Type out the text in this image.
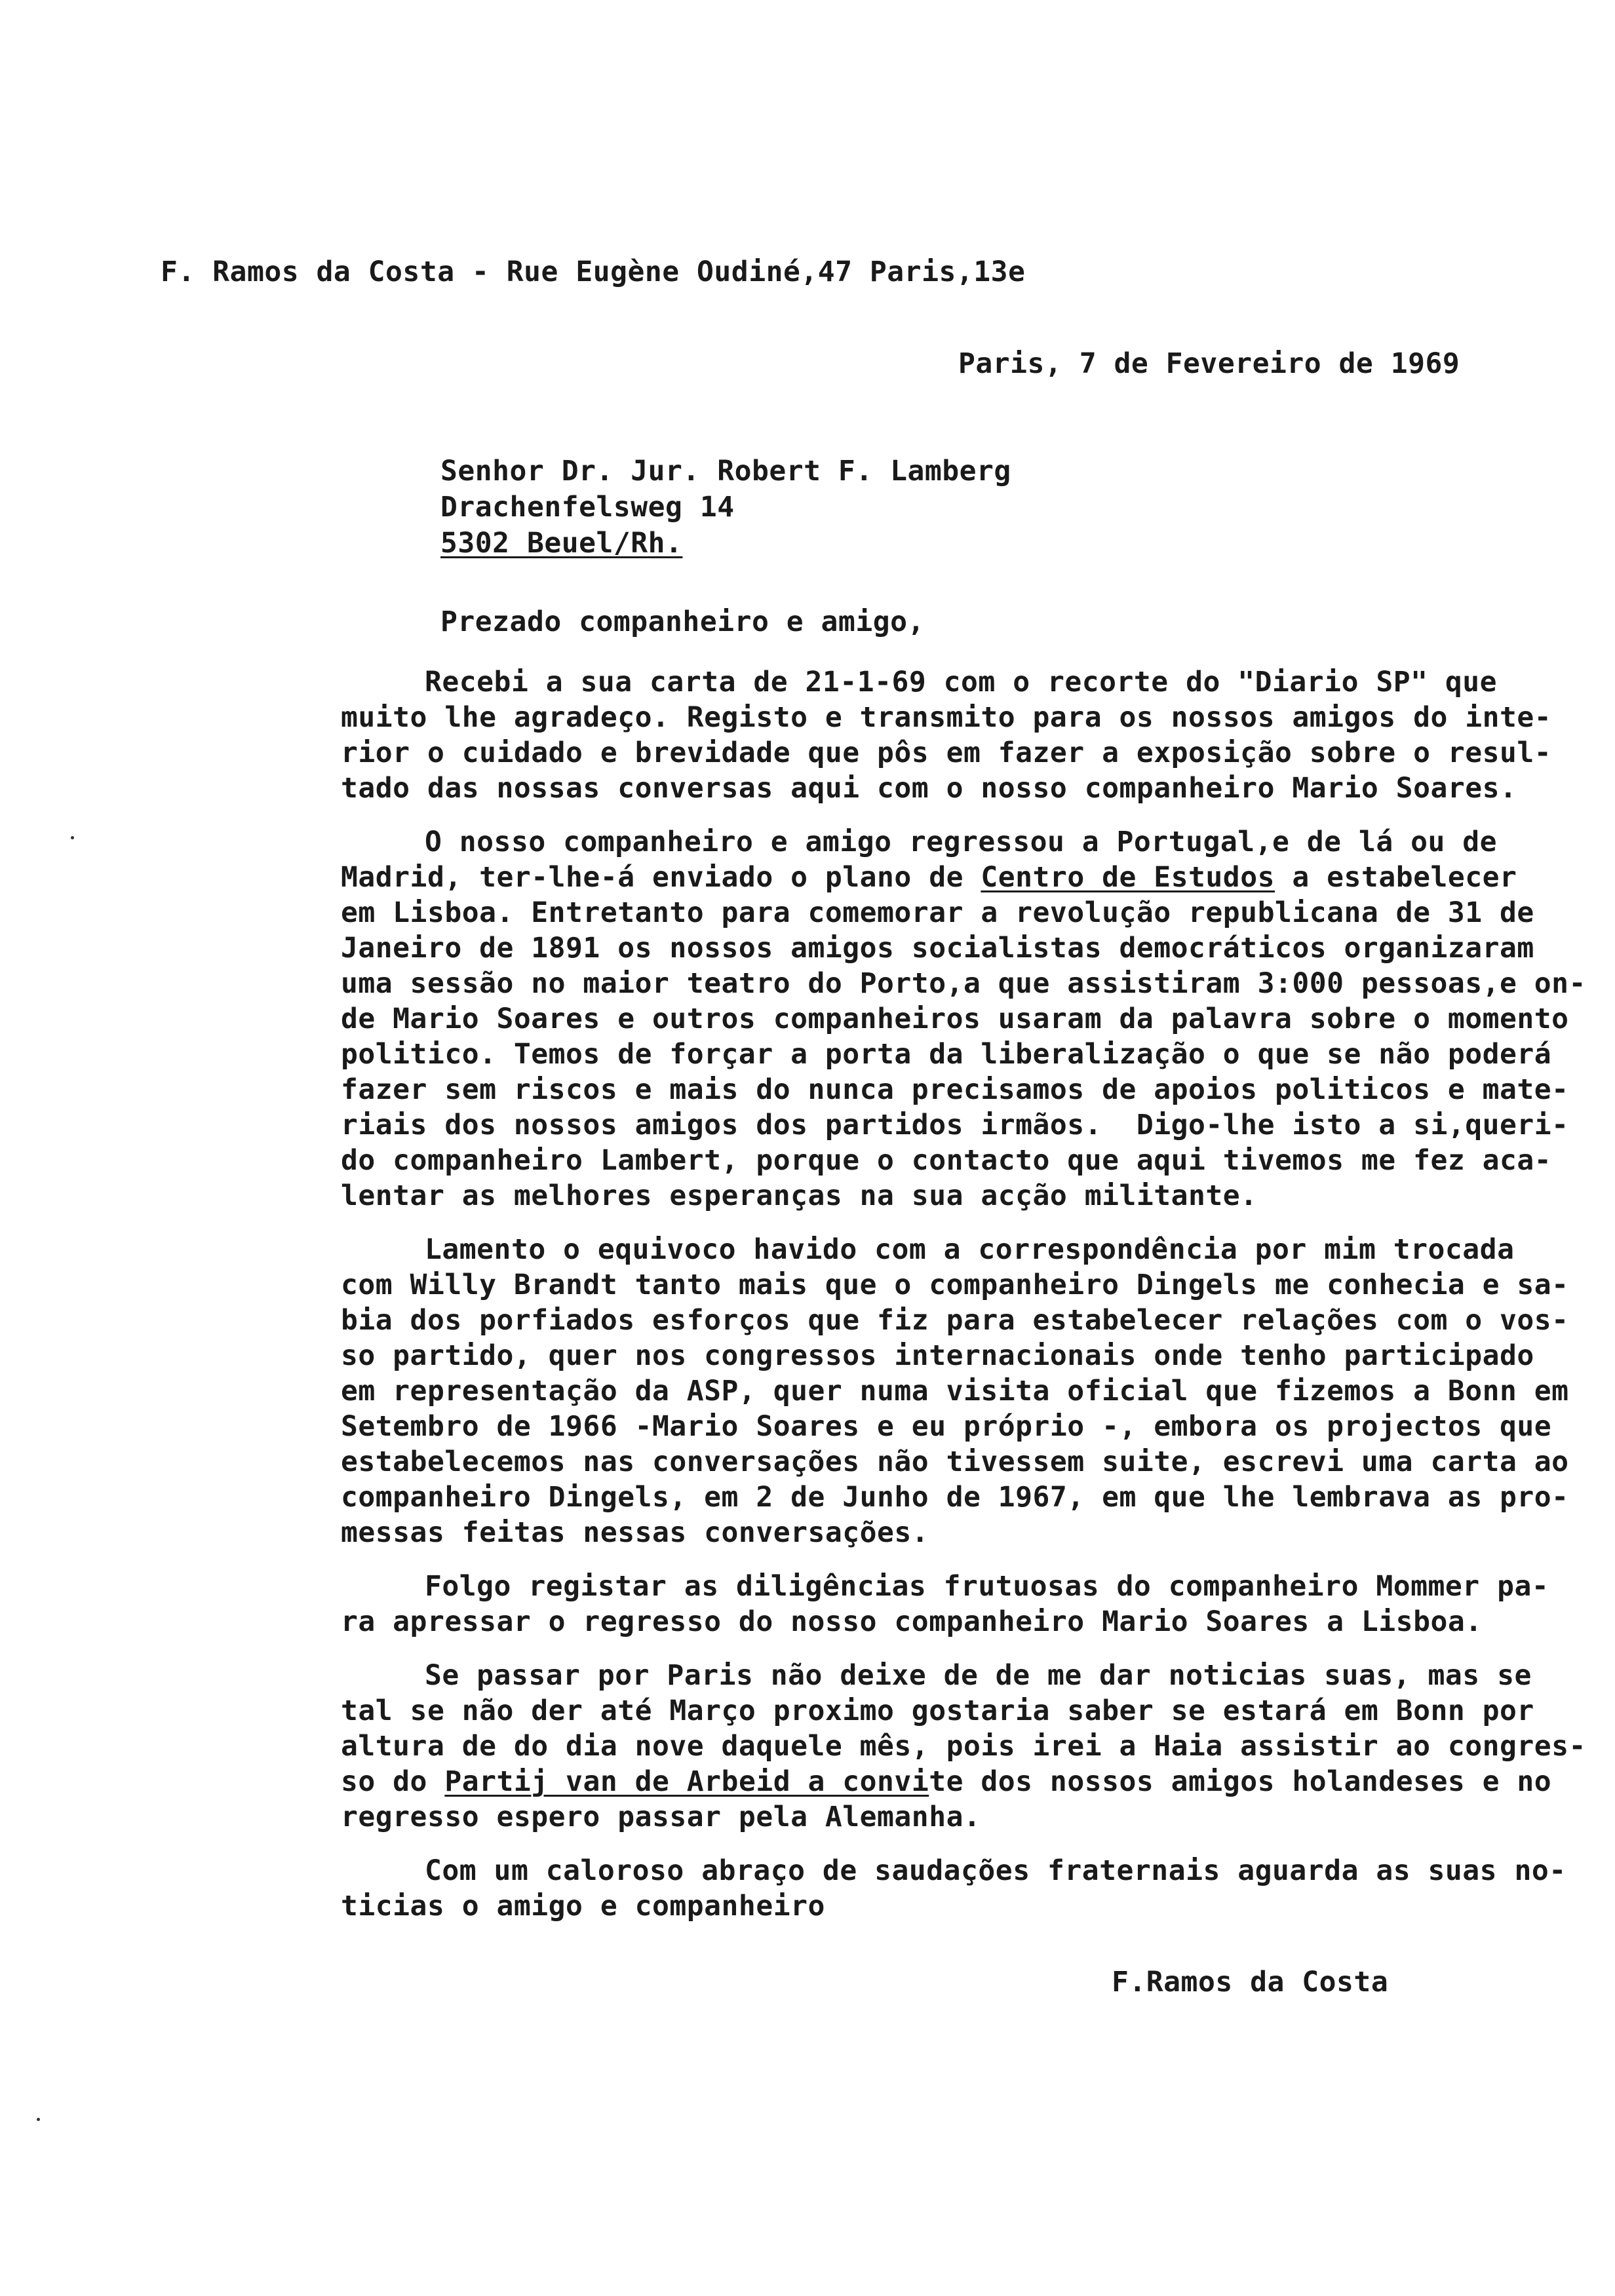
F. Ramos da Costa - Rue Eugène Oudiné,47 Paris,13e
Paris, 7 de Fevereiro de 1969
Senhor Dr. Jur. Robert F. Lamberg
Drachenfelsweg 14
5302 Beuel/Rh.
Prezado companheiro e amigo,
Recebi a sua carta de 21-1-69 com o recorte do "Diario SP" que
muito lhe agradeço. Registo e transmito para os nossos amigos do inte-
rior o cuidado e brevidade que pôs em fazer a exposição sobre o resul-
tado das nossas conversas aqui com o nosso companheiro Mario Soares.
O nosso companheiro e amigo regressou a Portugal,e de lá ou de
Madrid, ter-lhe-á enviado o plano de Centro de Estudos a estabelecer
em Lisboa. Entretanto para comemorar a revolução republicana de 31 de
Janeiro de 1891 os nossos amigos socialistas democráticos organizaram
uma sessão no maior teatro do Porto,a que assistiram 3:000 pessoas,e on-
de Mario Soares e outros companheiros usaram da palavra sobre o momento
politico. Temos de forçar a porta da liberalização o que se não poderá
fazer sem riscos e mais do nunca precisamos de apoios politicos e mate-
riais dos nossos amigos dos partidos irmãos.  Digo-lhe isto a si,queri-
do companheiro Lambert, porque o contacto que aqui tivemos me fez aca-
lentar as melhores esperanças na sua acção militante.
Lamento o equivoco havido com a correspondência por mim trocada
com Willy Brandt tanto mais que o companheiro Dingels me conhecia e sa-
bia dos porfiados esforços que fiz para estabelecer relações com o vos-
so partido, quer nos congressos internacionais onde tenho participado
em representação da ASP, quer numa visita oficial que fizemos a Bonn em
Setembro de 1966 -Mario Soares e eu próprio -, embora os projectos que
estabelecemos nas conversações não tivessem suite, escrevi uma carta ao
companheiro Dingels, em 2 de Junho de 1967, em que lhe lembrava as pro-
messas feitas nessas conversações.
Folgo registar as diligências frutuosas do companheiro Mommer pa-
ra apressar o regresso do nosso companheiro Mario Soares a Lisboa.
Se passar por Paris não deixe de de me dar noticias suas, mas se
tal se não der até Março proximo gostaria saber se estará em Bonn por
altura de do dia nove daquele mês, pois irei a Haia assistir ao congres-
so do Partij van de Arbeid a convite dos nossos amigos holandeses e no
regresso espero passar pela Alemanha.
Com um caloroso abraço de saudações fraternais aguarda as suas no-
ticias o amigo e companheiro
F.Ramos da Costa
